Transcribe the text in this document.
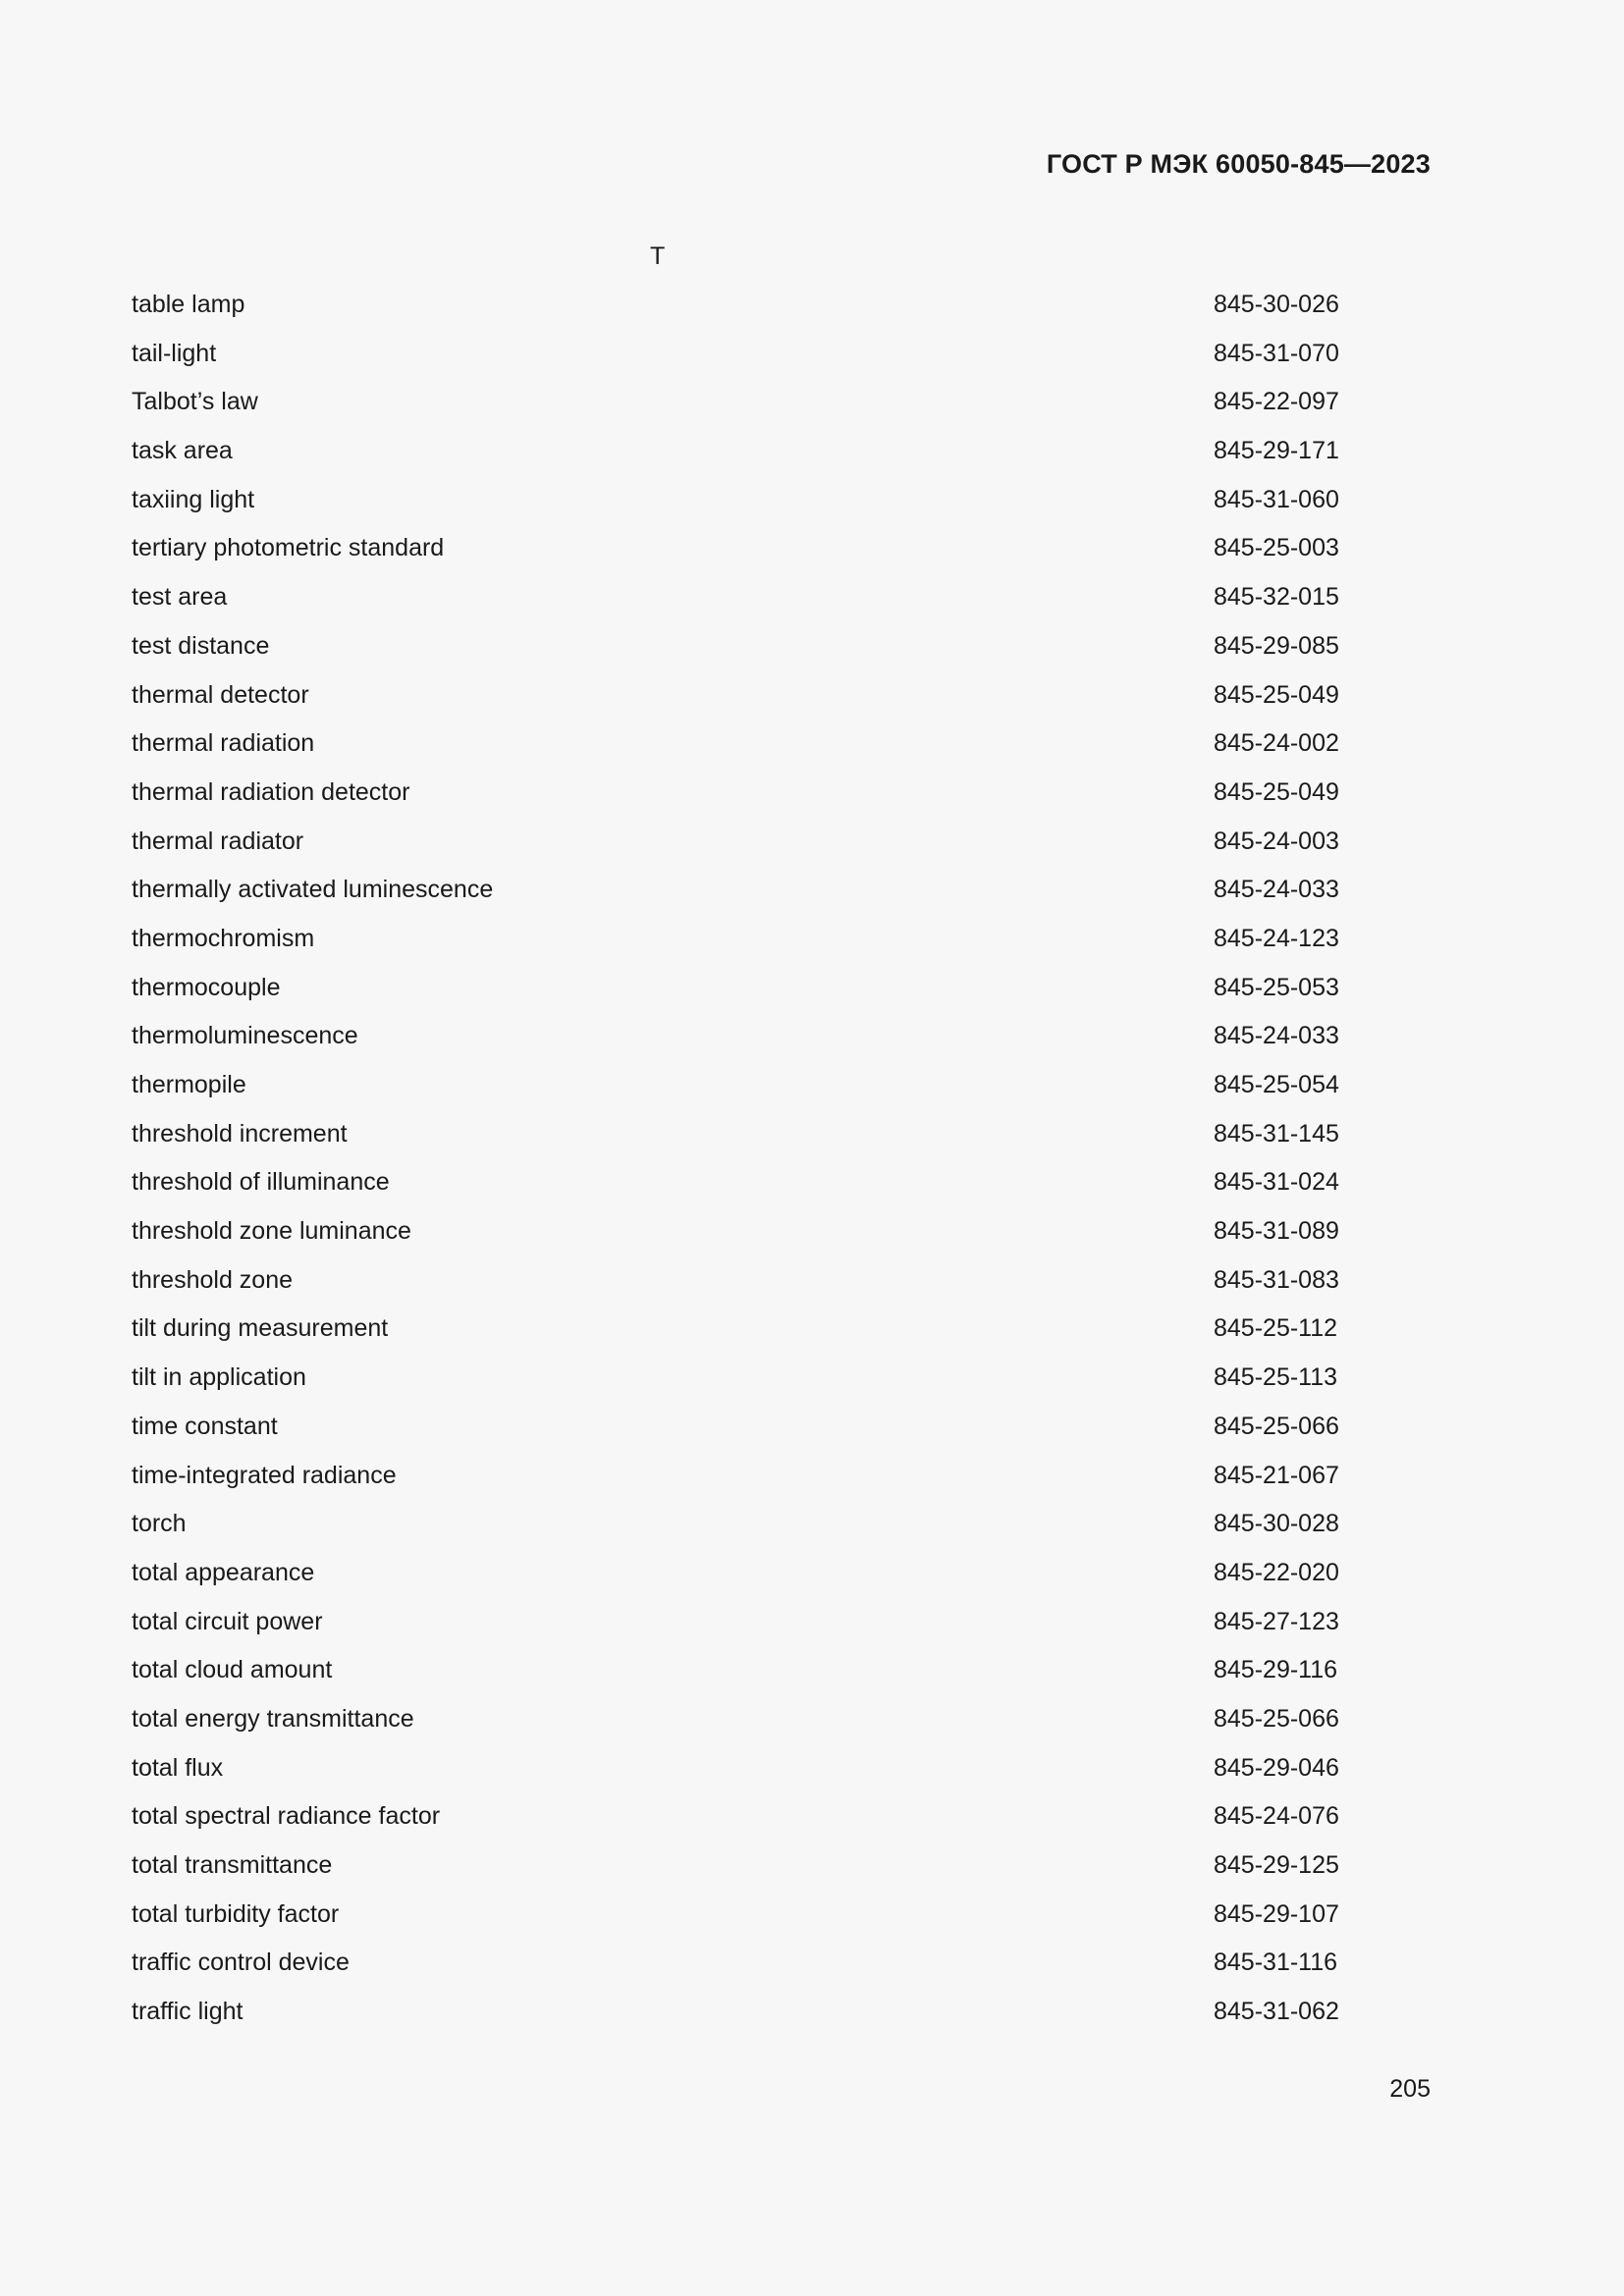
ГОСТ Р МЭК 60050-845—2023
T
table lamp	845-30-026
tail-light	845-31-070
Talbot’s law	845-22-097
task area	845-29-171
taxiing light	845-31-060
tertiary photometric standard	845-25-003
test area	845-32-015
test distance	845-29-085
thermal detector	845-25-049
thermal radiation	845-24-002
thermal radiation detector	845-25-049
thermal radiator	845-24-003
thermally activated luminescence	845-24-033
thermochromism	845-24-123
thermocouple	845-25-053
thermoluminescence	845-24-033
thermopile	845-25-054
threshold increment	845-31-145
threshold of illuminance	845-31-024
threshold zone luminance	845-31-089
threshold zone	845-31-083
tilt during measurement	845-25-112
tilt in application	845-25-113
time constant	845-25-066
time-integrated radiance	845-21-067
torch	845-30-028
total appearance	845-22-020
total circuit power	845-27-123
total cloud amount	845-29-116
total energy transmittance	845-25-066
total flux	845-29-046
total spectral radiance factor	845-24-076
total transmittance	845-29-125
total turbidity factor	845-29-107
traffic control device	845-31-116
traffic light	845-31-062
205
